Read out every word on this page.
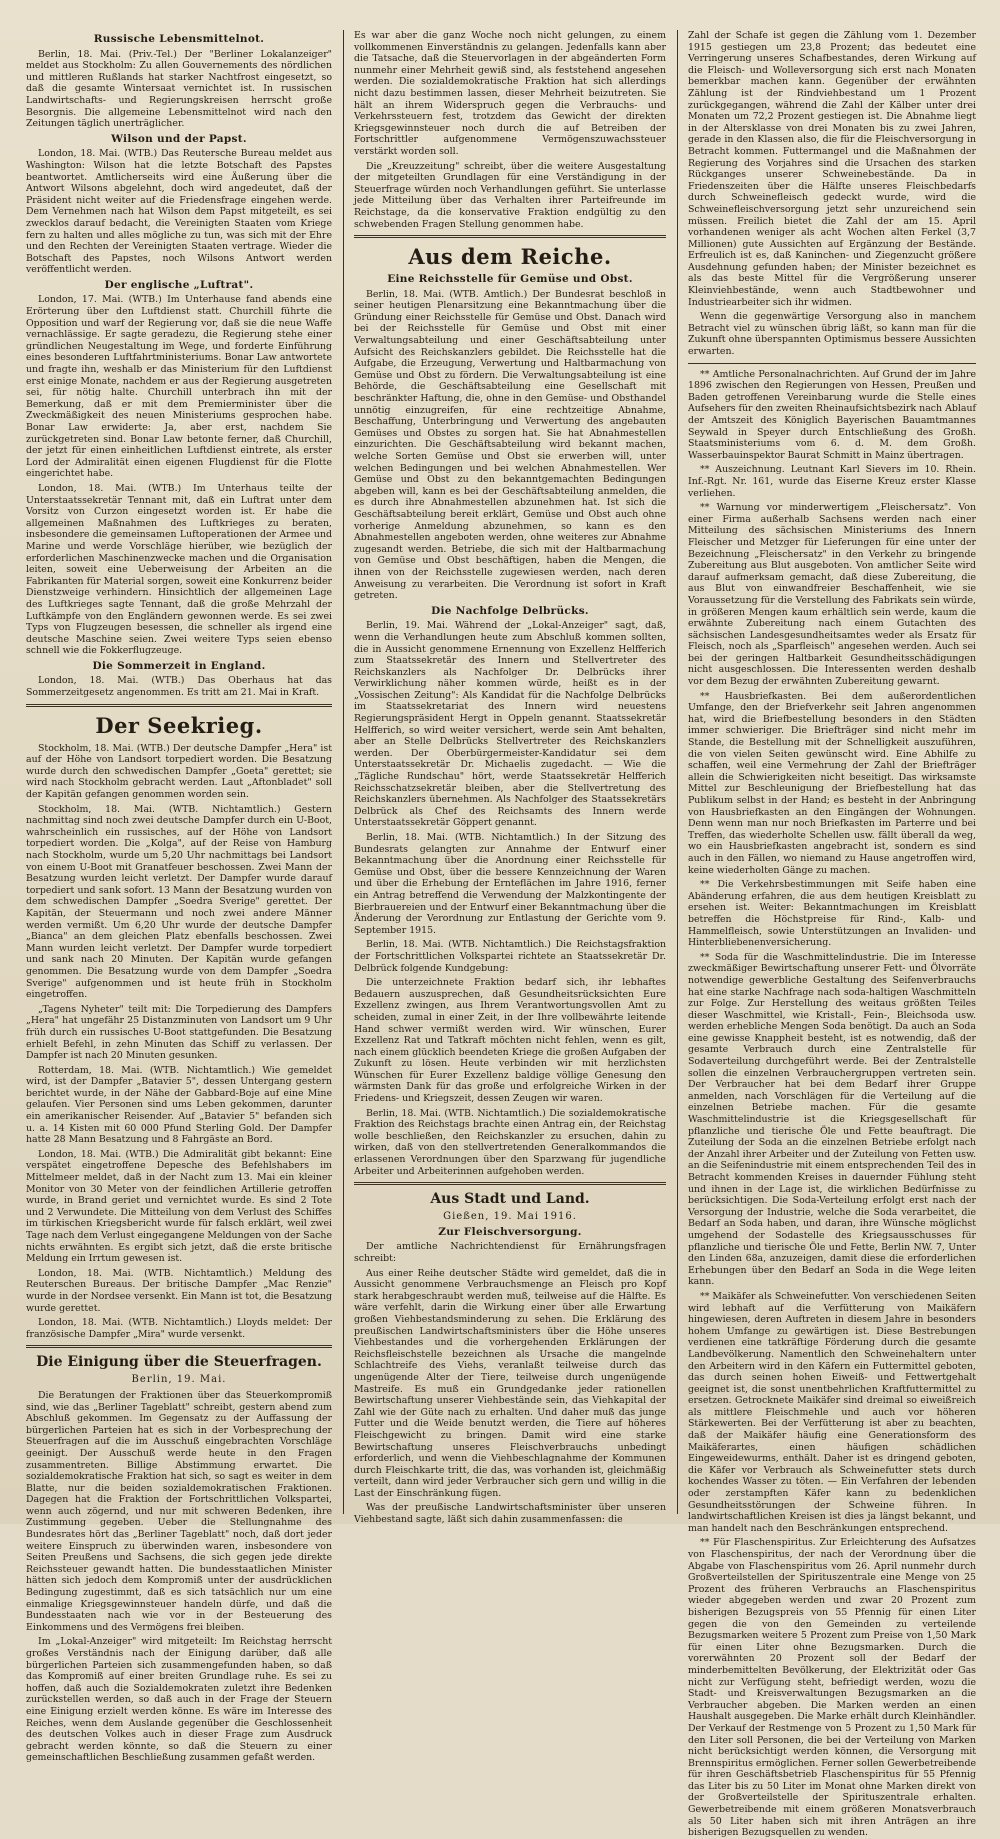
Russische Lebensmittelnot.

Berlin, 18. Mai. (Priv.-Tel.) Der "Berliner Lokalanzeiger" meldet aus Stockholm: Zu allen Gouvernements des nördlichen und mittleren Rußlands hat starker Nachtfrost eingesetzt, so daß die gesamte Wintersaat vernichtet ist. In russischen Landwirtschafts- und Regierungskreisen herrscht große Besorgnis. Die allgemeine Lebensmittelnot wird nach den Zeitungen täglich unerträglicher.

Wilson und der Papst.

London, 18. Mai. (WTB.) Das Reutersche Bureau meldet aus Washington: Wilson hat die letzte Botschaft des Papstes beantwortet. Amtlicherseits wird eine Äußerung über die Antwort Wilsons abgelehnt, doch wird angedeutet, daß der Präsident nicht weiter auf die Friedensfrage eingehen werde. Dem Vernehmen nach hat Wilson dem Papst mitgeteilt, es sei zwecklos darauf bedacht, die Vereinigten Staaten vom Kriege fern zu halten und alles mögliche zu tun, was sich mit der Ehre und den Rechten der Vereinigten Staaten vertrage. Wieder die Botschaft des Papstes, noch Wilsons Antwort werden veröffentlicht werden.

Der englische „Luftrat".

London, 17. Mai. (WTB.) Im Unterhause fand abends eine Erörterung über den Luftdienst statt. Churchill führte die Opposition und warf der Regierung vor, daß sie die neue Waffe vernachlässige. Er sagte geradezu, die Regierung stehe einer gründlichen Neugestaltung im Wege, und forderte Einführung eines besonderen Luftfahrtministeriums. Bonar Law antwortete und fragte ihn, weshalb er das Ministerium für den Luftdienst erst einige Monate, nachdem er aus der Regierung ausgetreten sei, für nötig halte. Churchill unterbrach ihn mit der Bemerkung, daß er mit dem Premierminister über die Zweckmäßigkeit des neuen Ministeriums gesprochen habe. Bonar Law erwiderte: Ja, aber erst, nachdem Sie zurückgetreten sind. Bonar Law betonte ferner, daß Churchill, der jetzt für einen einheitlichen Luftdienst eintrete, als erster Lord der Admiralität einen eigenen Flugdienst für die Flotte eingerichtet habe.

London, 18. Mai. (WTB.) Im Unterhaus teilte der Unterstaatssekretär Tennant mit, daß ein Luftrat unter dem Vorsitz von Curzon eingesetzt worden ist. Er habe die allgemeinen Maßnahmen des Luftkrieges zu beraten, insbesondere die gemeinsamen Luftoperationen der Armee und Marine und werde Vorschläge hierüber, wie bezüglich der erforderlichen Maschinenzwecke machen und die Organisation leiten, soweit eine Ueberweisung der Arbeiten an die Fabrikanten für Material sorgen, soweit eine Konkurrenz beider Dienstzweige verhindern. Hinsichtlich der allgemeinen Lage des Luftkrieges sagte Tennant, daß die große Mehrzahl der Luftkämpfe von den Engländern gewonnen werde. Es sei zwei Typs von Flugzeugen besessen, die schneller als irgend eine deutsche Maschine seien. Zwei weitere Typs seien ebenso schnell wie die Fokkerflugzeuge.

Die Sommerzeit in England.

London, 18. Mai. (WTB.) Das Oberhaus hat das Sommerzeitgesetz angenommen. Es tritt am 21. Mai in Kraft.

Der Seekrieg.

Stockholm, 18. Mai. (WTB.) Der deutsche Dampfer „Hera" ist auf der Höhe von Landsort torpediert worden. Die Besatzung wurde durch den schwedischen Dampfer „Goeta" gerettet; sie wird nach Stockholm gebracht werden. Laut „Aftonbladet" soll der Kapitän gefangen genommen worden sein.

Stockholm, 18. Mai. (WTB. Nichtamtlich.) Gestern nachmittag sind noch zwei deutsche Dampfer durch ein U-Boot, wahrscheinlich ein russisches, auf der Höhe von Landsort torpediert worden. Die „Kolga", auf der Reise von Hamburg nach Stockholm, wurde um 5,20 Uhr nachmittags bei Landsort von einem U-Boot mit Granatfeuer beschossen. Zwei Mann der Besatzung wurden leicht verletzt. Der Dampfer wurde darauf torpediert und sank sofort. 13 Mann der Besatzung wurden von dem schwedischen Dampfer „Soedra Sverige" gerettet. Der Kapitän, der Steuermann und noch zwei andere Männer werden vermißt. Um 6,20 Uhr wurde der deutsche Dampfer „Bianca" an dem gleichen Platz ebenfalls beschossen. Zwei Mann wurden leicht verletzt. Der Dampfer wurde torpediert und sank nach 20 Minuten. Der Kapitän wurde gefangen genommen. Die Besatzung wurde von dem Dampfer „Soedra Sverige" aufgenommen und ist heute früh in Stockholm eingetroffen.

„Tagens Nyheter" teilt mit: Die Torpedierung des Dampfers „Hera" hat ungefähr 25 Distanzminuten von Landsort um 9 Uhr früh durch ein russisches U-Boot stattgefunden. Die Besatzung erhielt Befehl, in zehn Minuten das Schiff zu verlassen. Der Dampfer ist nach 20 Minuten gesunken.

Rotterdam, 18. Mai. (WTB. Nichtamtlich.) Wie gemeldet wird, ist der Dampfer „Batavier 5", dessen Untergang gestern berichtet wurde, in der Nähe der Gabbard-Boje auf eine Mine gelaufen. Vier Personen sind ums Leben gekommen, darunter ein amerikanischer Reisender. Auf „Batavier 5" befanden sich u. a. 14 Kisten mit 60 000 Pfund Sterling Gold. Der Dampfer hatte 28 Mann Besatzung und 8 Fahrgäste an Bord.

London, 18. Mai. (WTB.) Die Admiralität gibt bekannt: Eine verspätet eingetroffene Depesche des Befehlshabers im Mittelmeer meldet, daß in der Nacht zum 13. Mai ein kleiner Monitor von 30 Meter von der feindlichen Artillerie getroffen wurde, in Brand geriet und vernichtet wurde. Es sind 2 Tote und 2 Verwundete. Die Mitteilung von dem Verlust des Schiffes im türkischen Kriegsbericht wurde für falsch erklärt, weil zwei Tage nach dem Verlust eingegangene Meldungen von der Sache nichts erwähnten. Es ergibt sich jetzt, daß die erste britische Meldung ein Irrtum gewesen ist.

London, 18. Mai. (WTB. Nichtamtlich.) Meldung des Reuterschen Bureaus. Der britische Dampfer „Mac Renzie" wurde in der Nordsee versenkt. Ein Mann ist tot, die Besatzung wurde gerettet.

London, 18. Mai. (WTB. Nichtamtlich.) Lloyds meldet: Der französische Dampfer „Mira" wurde versenkt.

Die Einigung über die Steuerfragen.
Berlin, 19. Mai.

Die Beratungen der Fraktionen über das Steuerkompromiß sind, wie das „Berliner Tageblatt" schreibt, gestern abend zum Abschluß gekommen. Im Gegensatz zu der Auffassung der bürgerlichen Parteien hat es sich in der Vorbesprechung der Steuerfragen auf die im Ausschuß eingebrachten Vorschläge geeinigt. Der Ausschuß werde heute in den Fragen zusammentreten. Billige Abstimmung erwartet. Die sozialdemokratische Fraktion hat sich, so sagt es weiter in dem Blatte, nur die beiden sozialdemokratischen Fraktionen. Dagegen hat die Fraktion der Fortschrittlichen Volkspartei, wenn auch zögernd, und nur mit schweren Bedenken, ihre Zustimmung gegeben. Ueber die Stellungnahme des Bundesrates hört das „Berliner Tageblatt" noch, daß dort jeder weitere Einspruch zu überwinden waren, insbesondere von Seiten Preußens und Sachsens, die sich gegen jede direkte Reichssteuer gewandt hatten. Die bundesstaatlichen Minister hätten sich jedoch dem Kompromiß unter der ausdrücklichen Bedingung zugestimmt, daß es sich tatsächlich nur um eine einmalige Kriegsgewinnsteuer handeln dürfe, und daß die Bundesstaaten nach wie vor in der Besteuerung des Einkommens und des Vermögens frei bleiben.

Im „Lokal-Anzeiger" wird mitgeteilt: Im Reichstag herrscht großes Verständnis nach der Einigung darüber, daß alle bürgerlichen Parteien sich zusammengefunden haben, so daß das Kompromiß auf einer breiten Grundlage ruhe. Es sei zu hoffen, daß auch die Sozialdemokraten zuletzt ihre Bedenken zurückstellen werden, so daß auch in der Frage der Steuern eine Einigung erzielt werden könne. Es wäre im Interesse des Reiches, wenn dem Auslande gegenüber die Geschlossenheit des deutschen Volkes auch in dieser Frage zum Ausdruck gebracht werden könnte, so daß die Steuern zu einer gemeinschaftlichen Beschließung zusammen gefaßt werden.

Es war aber die ganz Woche noch nicht gelungen, zu einem vollkommenen Einverständnis zu gelangen. Jedenfalls kann aber die Tatsache, daß die Steuervorlagen in der abgeänderten Form nunmehr einer Mehrheit gewiß sind, als feststehend angesehen werden. Die sozialdemokratische Fraktion hat sich allerdings nicht dazu bestimmen lassen, dieser Mehrheit beizutreten. Sie hält an ihrem Widerspruch gegen die Verbrauchs- und Verkehrssteuern fest, trotzdem das Gewicht der direkten Kriegsgewinnsteuer noch durch die auf Betreiben der Fortschrittler aufgenommene Vermögenszuwachssteuer verstärkt worden soll.

Die „Kreuzzeitung" schreibt, über die weitere Ausgestaltung der mitgeteilten Grundlagen für eine Verständigung in der Steuerfrage würden noch Verhandlungen geführt. Sie unterlasse jede Mitteilung über das Verhalten ihrer Parteifreunde im Reichstage, da die konservative Fraktion endgültig zu den schwebenden Fragen Stellung genommen habe.

Aus dem Reiche.
Eine Reichsstelle für Gemüse und Obst.

Berlin, 18. Mai. (WTB. Amtlich.) Der Bundesrat beschloß in seiner heutigen Plenarsitzung eine Bekanntmachung über die Gründung einer Reichsstelle für Gemüse und Obst. Danach wird bei der Reichsstelle für Gemüse und Obst mit einer Verwaltungsabteilung und einer Geschäftsabteilung unter Aufsicht des Reichskanzlers gebildet. Die Reichsstelle hat die Aufgabe, die Erzeugung, Verwertung und Haltbarmachung von Gemüse und Obst zu fördern. Die Verwaltungsabteilung ist eine Behörde, die Geschäftsabteilung eine Gesellschaft mit beschränkter Haftung, die, ohne in den Gemüse- und Obsthandel unnötig einzugreifen, für eine rechtzeitige Abnahme, Beschaffung, Unterbringung und Verwertung des angebauten Gemüses und Obstes zu sorgen hat. Sie hat Abnahmestellen einzurichten. Die Geschäftsabteilung wird bekannt machen, welche Sorten Gemüse und Obst sie erwerben will, unter welchen Bedingungen und bei welchen Abnahmestellen. Wer Gemüse und Obst zu den bekanntgemachten Bedingungen abgeben will, kann es bei der Geschäftsabteilung anmelden, die es durch ihre Abnahmestellen abzunehmen hat. Ist sich die Geschäftsabteilung bereit erklärt, Gemüse und Obst auch ohne vorherige Anmeldung abzunehmen, so kann es den Abnahmestellen angeboten werden, ohne weiteres zur Abnahme zugesandt werden. Betriebe, die sich mit der Haltbarmachung von Gemüse und Obst beschäftigen, haben die Mengen, die ihnen von der Reichsstelle zugewiesen werden, nach deren Anweisung zu verarbeiten. Die Verordnung ist sofort in Kraft getreten.

Die Nachfolge Delbrücks.

Berlin, 19. Mai. Während der „Lokal-Anzeiger" sagt, daß, wenn die Verhandlungen heute zum Abschluß kommen sollten, die in Aussicht genommene Ernennung von Exzellenz Helfferich zum Staatssekretär des Innern und Stellvertreter des Reichskanzlers als Nachfolger Dr. Delbrücks ihrer Verwirklichung näher kommen würde, heißt es in der „Vossischen Zeitung": Als Kandidat für die Nachfolge Delbrücks im Staatssekretariat des Innern wird neuestens Regierungspräsident Hergt in Oppeln genannt. Staatssekretär Helfferich, so wird weiter versichert, werde sein Amt behalten, aber an Stelle Delbrücks Stellvertreter des Reichskanzlers werden. Der Oberbürgermeister-Kandidatur sei dem Unterstaatssekretär Dr. Michaelis zugedacht. — Wie die „Tägliche Rundschau" hört, werde Staatssekretär Helfferich Reichsschatzsekretär bleiben, aber die Stellvertretung des Reichskanzlers übernehmen. Als Nachfolger des Staatssekretärs Delbrück als Chef des Reichsamts des Innern werde Unterstaatssekretär Göppert genannt.

Berlin, 18. Mai. (WTB. Nichtamtlich.) In der Sitzung des Bundesrats gelangten zur Annahme der Entwurf einer Bekanntmachung über die Anordnung einer Reichsstelle für Gemüse und Obst, über die bessere Kennzeichnung der Waren und über die Erhebung der Ernteflächen im Jahre 1916, ferner ein Antrag betreffend die Verwendung der Malzkontingente der Bierbrauereien und der Entwurf einer Bekanntmachung über die Änderung der Verordnung zur Entlastung der Gerichte vom 9. September 1915.

Berlin, 18. Mai. (WTB. Nichtamtlich.) Die Reichstagsfraktion der Fortschrittlichen Volkspartei richtete an Staatssekretär Dr. Delbrück folgende Kundgebung:

Die unterzeichnete Fraktion bedarf sich, ihr lebhaftes Bedauern auszusprechen, daß Gesundheitsrücksichten Eure Exzellenz zwingen, aus Ihrem Verantwortungsvollen Amt zu scheiden, zumal in einer Zeit, in der Ihre vollbewährte leitende Hand schwer vermißt werden wird. Wir wünschen, Eurer Exzellenz Rat und Tatkraft möchten nicht fehlen, wenn es gilt, nach einem glücklich beendeten Kriege die großen Aufgaben der Zukunft zu lösen. Heute verbinden wir mit herzlichsten Wünschen für Eurer Exzellenz baldige völlige Genesung den wärmsten Dank für das große und erfolgreiche Wirken in der Friedens- und Kriegszeit, dessen Zeugen wir waren.

Berlin, 18. Mai. (WTB. Nichtamtlich.) Die sozialdemokratische Fraktion des Reichstags brachte einen Antrag ein, der Reichstag wolle beschließen, den Reichskanzler zu ersuchen, dahin zu wirken, daß von den stellvertretenden Generalkommandos die erlassenen Verordnungen über den Sparzwang für jugendliche Arbeiter und Arbeiterinnen aufgehoben werden.

Aus Stadt und Land.
Gießen, 19. Mai 1916.
Zur Fleischversorgung.

Der amtliche Nachrichtendienst für Ernährungsfragen schreibt:

Aus einer Reihe deutscher Städte wird gemeldet, daß die in Aussicht genommene Verbrauchsmenge an Fleisch pro Kopf stark herabgeschraubt werden muß, teilweise auf die Hälfte. Es wäre verfehlt, darin die Wirkung einer über alle Erwartung großen Viehbestandsminderung zu sehen. Die Erklärung des preußischen Landwirtschaftsministers über die Höhe unseres Viehbestandes und die vorhergehenden Erklärungen der Reichsfleischstelle bezeichnen als Ursache die mangelnde Schlachtreife des Viehs, veranlaßt teilweise durch das ungenügende Alter der Tiere, teilweise durch ungenügende Mastreife. Es muß ein Grundgedanke jeder rationellen Bewirtschaftung unserer Viehbestände sein, das Viehkapital der Zahl wie der Güte nach zu erhalten. Und daher muß das junge Futter und die Weide benutzt werden, die Tiere auf höheres Fleischgewicht zu bringen. Damit wird eine starke Bewirtschaftung unseres Fleischverbrauchs unbedingt erforderlich, und wenn die Viehbeschlagnahme der Kommunen durch Fleischkarte tritt, die das, was vorhanden ist, gleichmäßig verteilt, dann wird jeder Verbraucher sich gern und willig in die Last der Einschränkung fügen.

Was der preußische Landwirtschaftsminister über unseren Viehbestand sagte, läßt sich dahin zusammenfassen: die

Zahl der Schafe ist gegen die Zählung vom 1. Dezember 1915 gestiegen um 23,8 Prozent; das bedeutet eine Verringerung unseres Schafbestandes, deren Wirkung auf die Fleisch- und Wolleversorgung sich erst nach Monaten bemerkbar machen kann. Gegenüber der erwähnten Zählung ist der Rindviehbestand um 1 Prozent zurückgegangen, während die Zahl der Kälber unter drei Monaten um 72,2 Prozent gestiegen ist. Die Abnahme liegt in der Altersklasse von drei Monaten bis zu zwei Jahren, gerade in den Klassen also, die für die Fleischversorgung in Betracht kommen. Futtermangel und die Maßnahmen der Regierung des Vorjahres sind die Ursachen des starken Rückganges unserer Schweinebestände. Da in Friedenszeiten über die Hälfte unseres Fleischbedarfs durch Schweinefleisch gedeckt wurde, wird die Schweinefleischversorgung jetzt sehr unzureichend sein müssen. Freilich bietet die Zahl der am 15. April vorhandenen weniger als acht Wochen alten Ferkel (3,7 Millionen) gute Aussichten auf Ergänzung der Bestände. Erfreulich ist es, daß Kaninchen- und Ziegenzucht größere Ausdehnung gefunden haben; der Minister bezeichnet es als das beste Mittel für die Vergrößerung unserer Kleinviehbestände, wenn auch Stadtbewohner und Industriearbeiter sich ihr widmen.

Wenn die gegenwärtige Versorgung also in manchem Betracht viel zu wünschen übrig läßt, so kann man für die Zukunft ohne überspannten Optimismus bessere Aussichten erwarten.

** Amtliche Personalnachrichten. Auf Grund der im Jahre 1896 zwischen den Regierungen von Hessen, Preußen und Baden getroffenen Vereinbarung wurde die Stelle eines Aufsehers für den zweiten Rheinaufsichtsbezirk nach Ablauf der Amtszeit des Königlich Bayerischen Bauamtmannes Seywald in Speyer durch Entschließung des Großh. Staatsministeriums vom 6. d. M. dem Großh. Wasserbauinspektor Baurat Schmitt in Mainz übertragen.

** Auszeichnung. Leutnant Karl Sievers im 10. Rhein. Inf.-Rgt. Nr. 161, wurde das Eiserne Kreuz erster Klasse verliehen.

** Warnung vor minderwertigem „Fleischersatz". Von einer Firma außerhalb Sachsens werden nach einer Mitteilung des sächsischen Ministeriums des Innern Fleischer und Metzger für Lieferungen für eine unter der Bezeichnung „Fleischersatz" in den Verkehr zu bringende Zubereitung aus Blut ausgeboten. Von amtlicher Seite wird darauf aufmerksam gemacht, daß diese Zubereitung, die aus Blut von einwandfreier Beschaffenheit, wie sie Voraussetzung für die Verstellung des Fabrikats sein würde, in größeren Mengen kaum erhältlich sein werde, kaum die erwähnte Zubereitung nach einem Gutachten des sächsischen Landesgesundheitsamtes weder als Ersatz für Fleisch, noch als „Sparfleisch" angesehen werden. Auch sei bei der geringen Haltbarkeit Gesundheitsschädigungen nicht ausgeschlossen. Die Interessenten werden deshalb vor dem Bezug der erwähnten Zubereitung gewarnt.

** Hausbriefkasten. Bei dem außerordentlichen Umfange, den der Briefverkehr seit Jahren angenommen hat, wird die Briefbestellung besonders in den Städten immer schwieriger. Die Briefträger sind nicht mehr im Stande, die Bestellung mit der Schnelligkeit auszuführen, die von vielen Seiten gewünscht wird. Eine Abhilfe zu schaffen, weil eine Vermehrung der Zahl der Briefträger allein die Schwierigkeiten nicht beseitigt. Das wirksamste Mittel zur Beschleunigung der Briefbestellung hat das Publikum selbst in der Hand; es besteht in der Anbringung von Hausbriefkasten an den Eingängen der Wohnungen. Denn wenn man nur noch Briefkasten im Parterre und bei Treffen, das wiederholte Schellen usw. fällt überall da weg, wo ein Hausbriefkasten angebracht ist, sondern es sind auch in den Fällen, wo niemand zu Hause angetroffen wird, keine wiederholten Gänge zu machen.

** Die Verkehrsbestimmungen mit Seife haben eine Abänderung erfahren, die aus dem heutigen Kreisblatt zu ersehen ist. Weiter: Bekanntmachungen im Kreisblatt betreffen die Höchstpreise für Rind-, Kalb- und Hammelfleisch, sowie Unterstützungen an Invaliden- und Hinterbliebenenversicherung.

** Soda für die Waschmittelindustrie. Die im Interesse zweckmäßiger Bewirtschaftung unserer Fett- und Ölvorräte notwendige gewerbliche Gestaltung des Seifenverbrauchs hat eine starke Nachfrage nach soda-haltigen Waschmitteln zur Folge. Zur Herstellung des weitaus größten Teiles dieser Waschmittel, wie Kristall-, Fein-, Bleichsoda usw. werden erhebliche Mengen Soda benötigt. Da auch an Soda eine gewisse Knappheit besteht, ist es notwendig, daß der gesamte Verbrauch durch eine Zentralstelle für Sodaverteilung durchgeführt werde. Bei der Zentralstelle sollen die einzelnen Verbrauchergruppen vertreten sein. Der Verbraucher hat bei dem Bedarf ihrer Gruppe anmelden, nach Vorschlägen für die Verteilung auf die einzelnen Betriebe machen. Für die gesamte Waschmittelindustrie ist die Kriegsgesellschaft für pflanzliche und tierische Öle und Fette beauftragt. Die Zuteilung der Soda an die einzelnen Betriebe erfolgt nach der Anzahl ihrer Arbeiter und der Zuteilung von Fetten usw. an die Seifenindustrie mit einem entsprechenden Teil des in Betracht kommenden Kreises in dauernder Fühlung steht und ihnen in der Lage ist, die wirklichen Bedürfnisse zu berücksichtigen. Die Soda-Verteilung erfolgt erst nach der Versorgung der Industrie, welche die Soda verarbeitet, die Bedarf an Soda haben, und daran, ihre Wünsche möglichst umgehend der Sodastelle des Kriegsausschusses für pflanzliche und tierische Öle und Fette, Berlin NW. 7, Unter den Linden 68a, anzuzeigen, damit diese die erforderlichen Erhebungen über den Bedarf an Soda in die Wege leiten kann.

** Maikäfer als Schweinefutter. Von verschiedenen Seiten wird lebhaft auf die Verfütterung von Maikäfern hingewiesen, deren Auftreten in diesem Jahre in besonders hohem Umfange zu gewärtigen ist. Diese Bestrebungen verdienen eine tatkräftige Förderung durch die gesamte Landbevölkerung. Namentlich den Schweinehaltern unter den Arbeitern wird in den Käfern ein Futtermittel geboten, das durch seinen hohen Eiweiß- und Fettwertgehalt geeignet ist, die sonst unentbehrlichen Kraftfuttermittel zu ersetzen. Getrocknete Maikäfer sind dreimal so eiweißreich als mittlere Fleischmehle und auch vor höheren Stärkewerten. Bei der Verfütterung ist aber zu beachten, daß der Maikäfer häufig eine Generationsform des Maikäferartes, einen häufigen schädlichen Eingeweidewurms, enthält. Daher ist es dringend geboten, die Käfer vor Verbrauch als Schweinefutter stets durch kochendes Wasser zu töten. — Ein Verfahren der lebenden oder zerstampften Käfer kann zu bedenklichen Gesundheitsstörungen der Schweine führen. In landwirtschaftlichen Kreisen ist dies ja längst bekannt, und man handelt nach den Beschränkungen entsprechend.

** Für Flaschenspiritus. Zur Erleichterung des Aufsatzes von Flaschenspiritus, der nach der Verordnung über die Abgabe von Flaschenspiritus vom 26. April nunmehr durch Großverteilstellen der Spirituszentrale eine Menge von 25 Prozent des früheren Verbrauchs an Flaschenspiritus wieder abgegeben werden und zwar 20 Prozent zum bisherigen Bezugspreis von 55 Pfennig für einen Liter gegen die von den Gemeinden zu verteilende Bezugsmarken weitere 5 Prozent zum Preise von 1,50 Mark für einen Liter ohne Bezugsmarken. Durch die vorerwähnten 20 Prozent soll der Bedarf der minderbemittelten Bevölkerung, der Elektrizität oder Gas nicht zur Verfügung steht, befriedigt werden, wozu die Stadt- und Kreisverwaltungen Bezugsmarken an die Verbraucher abgeben. Die Marken werden an einen Haushalt ausgegeben. Die Marke erhält durch Kleinhändler. Der Verkauf der Restmenge von 5 Prozent zu 1,50 Mark für den Liter soll Personen, die bei der Verteilung von Marken nicht berücksichtigt werden können, die Versorgung mit Brennspiritus ermöglichen. Ferner sollen Gewerbetreibende für ihren Geschäftsbetrieb Flaschenspiritus für 55 Pfennig das Liter bis zu 50 Liter im Monat ohne Marken direkt von der Großverteilstelle der Spirituszentrale erhalten. Gewerbetreibende mit einem größeren Monatsverbrauch als 50 Liter haben sich mit ihren Anträgen an ihre bisherigen Bezugsquellen zu wenden.
